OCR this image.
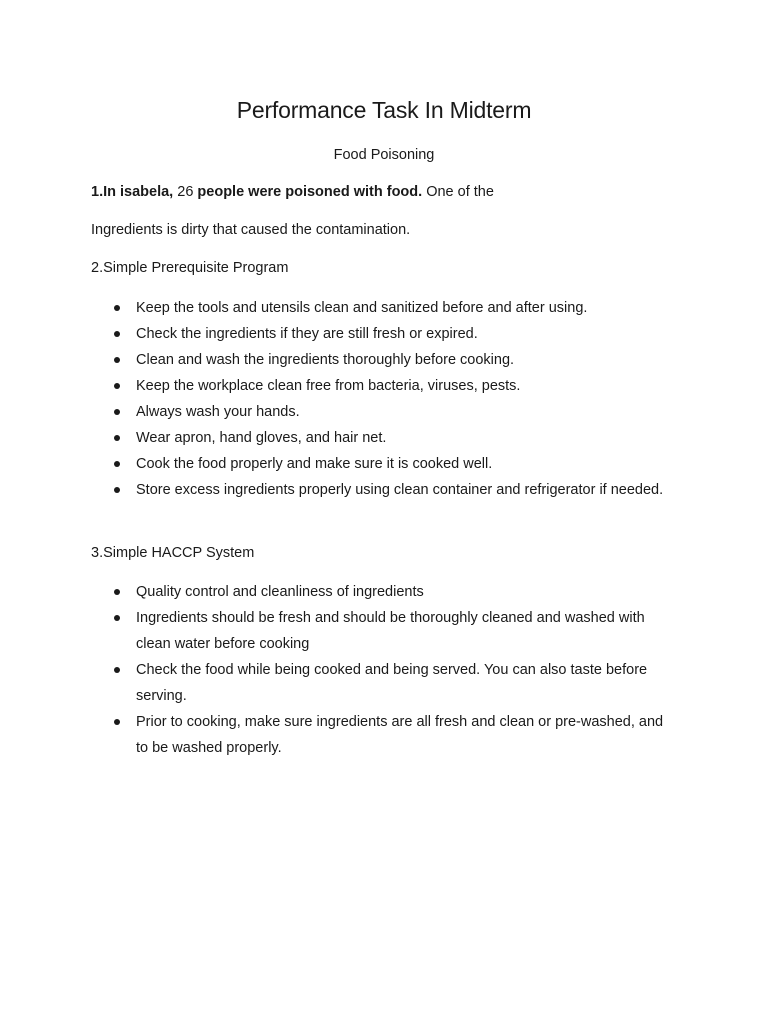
Performance Task In Midterm
Food Poisoning
1.In isabela, 26 people were poisoned with food. One of the
Ingredients is dirty that caused the contamination.
2.Simple Prerequisite Program
Keep the tools and utensils clean and sanitized before and after using.
Check the ingredients if they are still fresh or expired.
Clean and wash the ingredients thoroughly before cooking.
Keep the workplace clean free from bacteria, viruses, pests.
Always wash your hands.
Wear apron, hand gloves, and hair net.
Cook the food properly and make sure it is cooked well.
Store excess ingredients properly using clean container and refrigerator if needed.
3.Simple HACCP System
Quality control and cleanliness of ingredients
Ingredients should be fresh and should be thoroughly cleaned and washed with clean water before cooking
Check the food while being cooked and being served. You can also taste before serving.
Prior to cooking, make sure ingredients are all fresh and clean or pre-washed, and to be washed properly.
